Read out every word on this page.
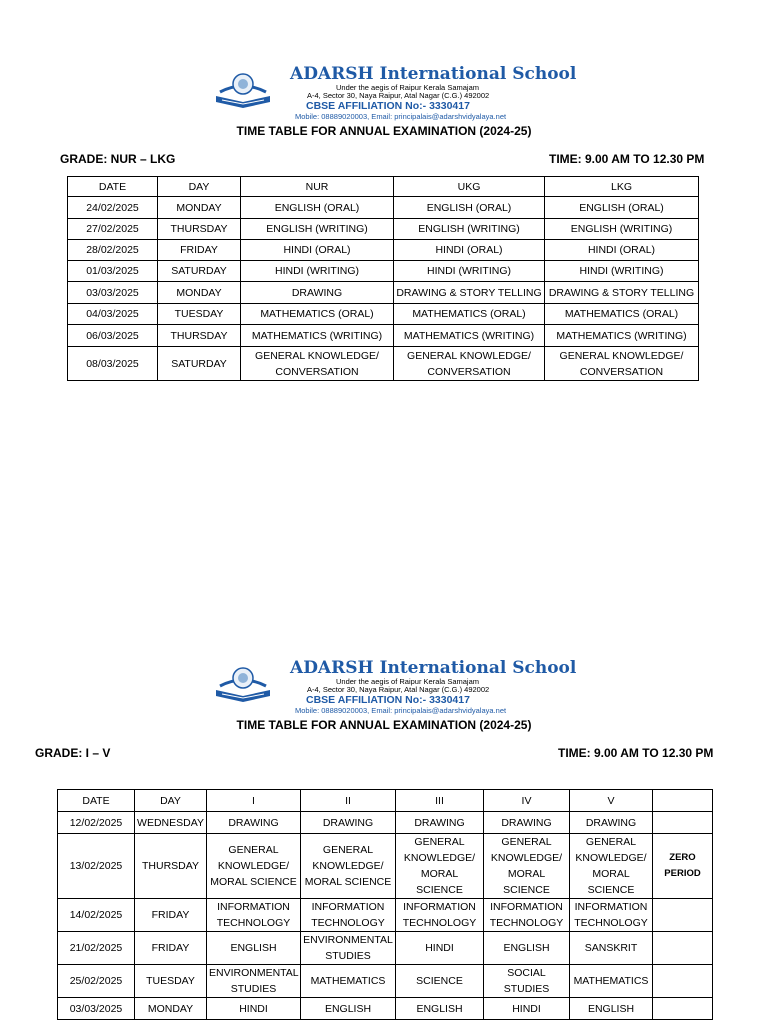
ADARSH International School
Under the aegis of Raipur Kerala Samajam
A-4, Sector 30, Naya Raipur, Atal Nagar (C.G.) 492002
CBSE AFFILIATION No:- 3330417
Mobile: 08889020003, Email: principalais@adarshvidyalaya.net
TIME TABLE FOR ANNUAL EXAMINATION (2024-25)
GRADE: NUR – LKG	TIME: 9.00 AM TO 12.30 PM
DATE	DAY	NUR	UKG	LKG
24/02/2025	MONDAY	ENGLISH (ORAL)	ENGLISH (ORAL)	ENGLISH (ORAL)
27/02/2025	THURSDAY	ENGLISH (WRITING)	ENGLISH (WRITING)	ENGLISH (WRITING)
28/02/2025	FRIDAY	HINDI (ORAL)	HINDI (ORAL)	HINDI (ORAL)
01/03/2025	SATURDAY	HINDI (WRITING)	HINDI (WRITING)	HINDI (WRITING)
03/03/2025	MONDAY	DRAWING	DRAWING & STORY TELLING	DRAWING & STORY TELLING
04/03/2025	TUESDAY	MATHEMATICS (ORAL)	MATHEMATICS (ORAL)	MATHEMATICS (ORAL)
06/03/2025	THURSDAY	MATHEMATICS (WRITING)	MATHEMATICS (WRITING)	MATHEMATICS (WRITING)
08/03/2025	SATURDAY	GENERAL KNOWLEDGE/ CONVERSATION	GENERAL KNOWLEDGE/ CONVERSATION	GENERAL KNOWLEDGE/ CONVERSATION
ADARSH International School
Under the aegis of Raipur Kerala Samajam
A-4, Sector 30, Naya Raipur, Atal Nagar (C.G.) 492002
CBSE AFFILIATION No:- 3330417
Mobile: 08889020003, Email: principalais@adarshvidyalaya.net
TIME TABLE FOR ANNUAL EXAMINATION (2024-25)
GRADE: I – V	TIME: 9.00 AM TO 12.30 PM
DATE	DAY	I	II	III	IV	V	
12/02/2025	WEDNESDAY	DRAWING	DRAWING	DRAWING	DRAWING	DRAWING	
13/02/2025	THURSDAY	GENERAL KNOWLEDGE/ MORAL SCIENCE	GENERAL KNOWLEDGE/ MORAL SCIENCE	GENERAL KNOWLEDGE/ MORAL SCIENCE	GENERAL KNOWLEDGE/ MORAL SCIENCE	GENERAL KNOWLEDGE/ MORAL SCIENCE	ZERO PERIOD
14/02/2025	FRIDAY	INFORMATION TECHNOLOGY	INFORMATION TECHNOLOGY	INFORMATION TECHNOLOGY	INFORMATION TECHNOLOGY	INFORMATION TECHNOLOGY	
21/02/2025	FRIDAY	ENGLISH	ENVIRONMENTAL STUDIES	HINDI	ENGLISH	SANSKRIT	
25/02/2025	TUESDAY	ENVIRONMENTAL STUDIES	MATHEMATICS	SCIENCE	SOCIAL STUDIES	MATHEMATICS	
03/03/2025	MONDAY	HINDI	ENGLISH	ENGLISH	HINDI	ENGLISH	
